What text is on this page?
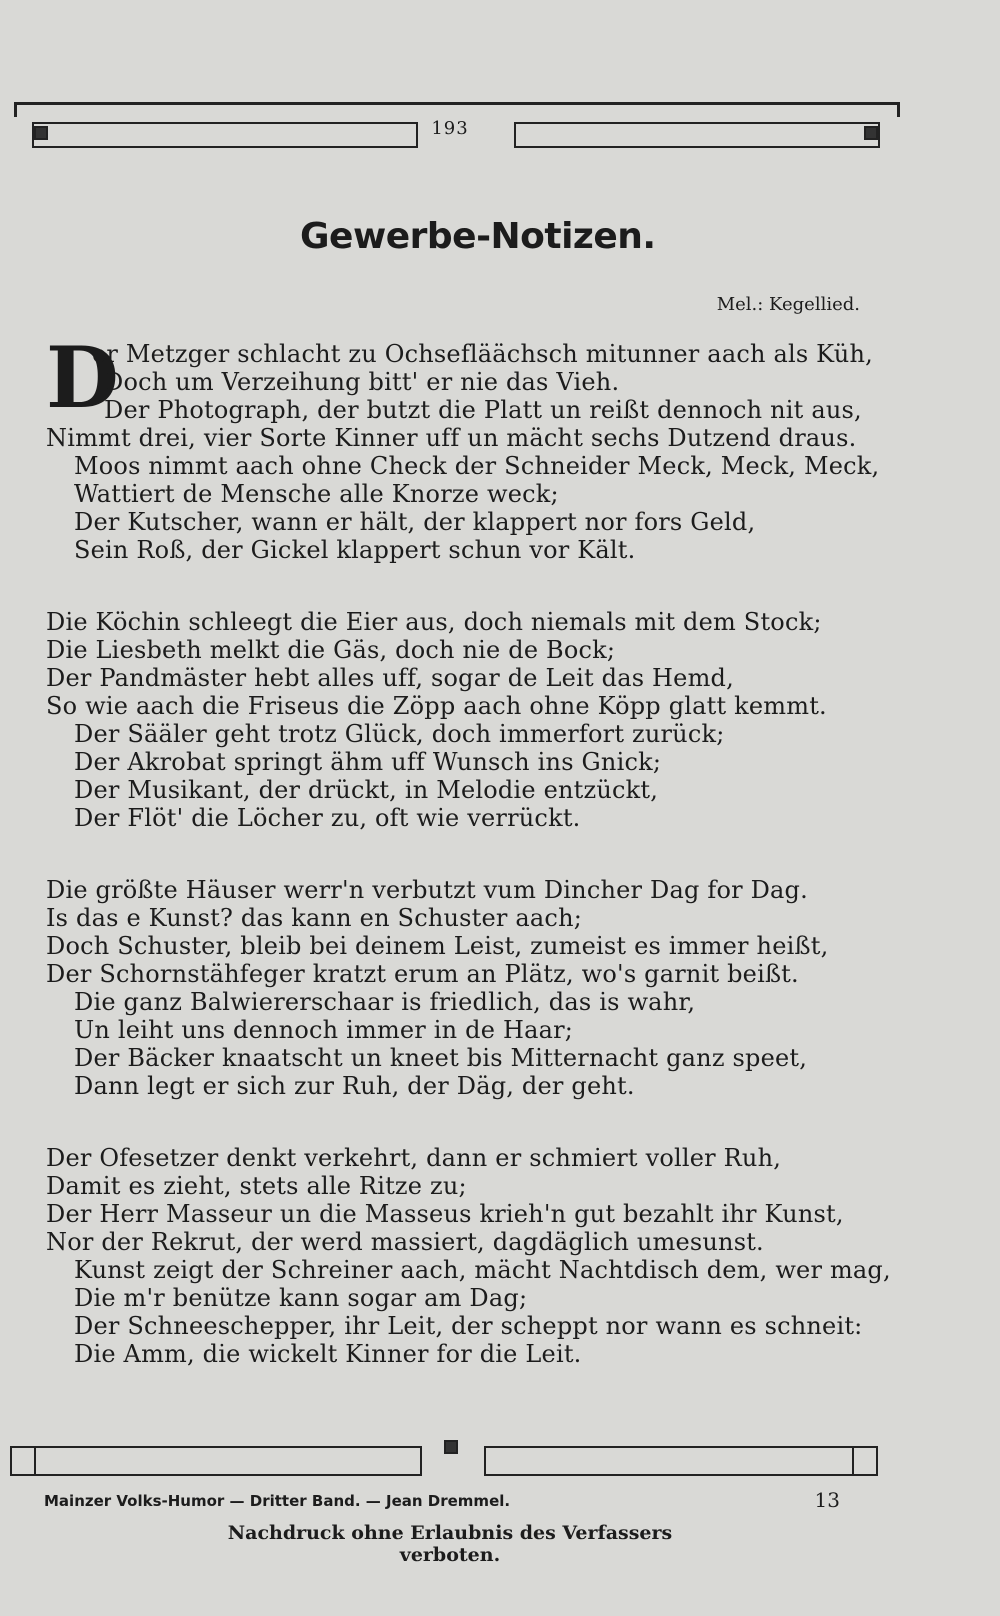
193
Gewerbe-Notizen.
Mel.: Kegellied.
D
er Metzger schlacht zu Ochsefläächsch mitunner aach als Küh,
Doch um Verzeihung bitt' er nie das Vieh.
Der Photograph, der butzt die Platt un reißt dennoch nit aus,
Nimmt drei, vier Sorte Kinner uff un mächt sechs Dutzend draus.
Moos nimmt aach ohne Check der Schneider Meck, Meck, Meck,
Wattiert de Mensche alle Knorze weck;
Der Kutscher, wann er hält, der klappert nor fors Geld,
Sein Roß, der Gickel klappert schun vor Kält.
Die Köchin schleegt die Eier aus, doch niemals mit dem Stock;
Die Liesbeth melkt die Gäs, doch nie de Bock;
Der Pandmäster hebt alles uff, sogar de Leit das Hemd,
So wie aach die Friseus die Zöpp aach ohne Köpp glatt kemmt.
Der Sääler geht trotz Glück, doch immerfort zurück;
Der Akrobat springt ähm uff Wunsch ins Gnick;
Der Musikant, der drückt, in Melodie entzückt,
Der Flöt' die Löcher zu, oft wie verrückt.
Die größte Häuser werr'n verbutzt vum Dincher Dag for Dag.
Is das e Kunst? das kann en Schuster aach;
Doch Schuster, bleib bei deinem Leist, zumeist es immer heißt,
Der Schornstähfeger kratzt erum an Plätz, wo's garnit beißt.
Die ganz Balwiererschaar is friedlich, das is wahr,
Un leiht uns dennoch immer in de Haar;
Der Bäcker knaatscht un kneet bis Mitternacht ganz speet,
Dann legt er sich zur Ruh, der Däg, der geht.
Der Ofesetzer denkt verkehrt, dann er schmiert voller Ruh,
Damit es zieht, stets alle Ritze zu;
Der Herr Masseur un die Masseus krieh'n gut bezahlt ihr Kunst,
Nor der Rekrut, der werd massiert, dagdäglich umesunst.
Kunst zeigt der Schreiner aach, mächt Nachtdisch dem, wer mag,
Die m'r benütze kann sogar am Dag;
Der Schneeschepper, ihr Leit, der scheppt nor wann es schneit:
Die Amm, die wickelt Kinner for die Leit.
Mainzer Volks-Humor — Dritter Band. — Jean Dremmel.	13
Nachdruck ohne Erlaubnis des Verfassers verboten.
